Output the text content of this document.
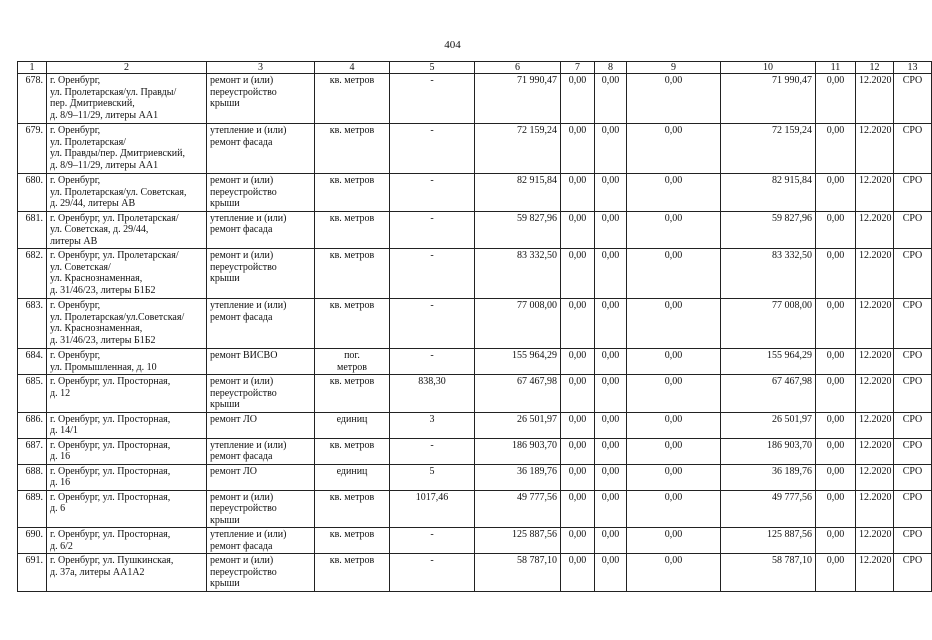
404
1	2	3	4	5	6	7	8	9	10	11	12	13
678.	г. Оренбург,
ул. Пролетарская/ул. Правды/
пер. Дмитриевский,
д. 8/9–11/29, литеры АА1	ремонт и (или)
переустройство
крыши	кв. метров	-	71 990,47	0,00	0,00	0,00	71 990,47	0,00	12.2020	СРО
679.	г. Оренбург,
ул. Пролетарская/
ул. Правды/пер. Дмитриевский,
д. 8/9–11/29, литеры АА1	утепление и (или)
ремонт фасада	кв. метров	-	72 159,24	0,00	0,00	0,00	72 159,24	0,00	12.2020	СРО
680.	г. Оренбург,
ул. Пролетарская/ул. Советская,
д. 29/44, литеры АВ	ремонт и (или)
переустройство
крыши	кв. метров	-	82 915,84	0,00	0,00	0,00	82 915,84	0,00	12.2020	СРО
681.	г. Оренбург, ул. Пролетарская/
ул. Советская, д. 29/44,
литеры АВ	утепление и (или)
ремонт фасада	кв. метров	-	59 827,96	0,00	0,00	0,00	59 827,96	0,00	12.2020	СРО
682.	г. Оренбург, ул. Пролетарская/
ул. Советская/
ул. Краснознаменная,
д. 31/46/23, литеры Б1Б2	ремонт и (или)
переустройство
крыши	кв. метров	-	83 332,50	0,00	0,00	0,00	83 332,50	0,00	12.2020	СРО
683.	г. Оренбург,
ул. Пролетарская/ул.Советская/
ул. Краснознаменная,
д. 31/46/23, литеры Б1Б2	утепление и (или)
ремонт фасада	кв. метров	-	77 008,00	0,00	0,00	0,00	77 008,00	0,00	12.2020	СРО
684.	г. Оренбург,
ул. Промышленная, д. 10	ремонт ВИСВО	пог.
метров	-	155 964,29	0,00	0,00	0,00	155 964,29	0,00	12.2020	СРО
685.	г. Оренбург, ул. Просторная,
д. 12	ремонт и (или)
переустройство
крыши	кв. метров	838,30	67 467,98	0,00	0,00	0,00	67 467,98	0,00	12.2020	СРО
686.	г. Оренбург, ул. Просторная,
д. 14/1	ремонт ЛО	единиц	3	26 501,97	0,00	0,00	0,00	26 501,97	0,00	12.2020	СРО
687.	г. Оренбург, ул. Просторная,
д. 16	утепление и (или)
ремонт фасада	кв. метров	-	186 903,70	0,00	0,00	0,00	186 903,70	0,00	12.2020	СРО
688.	г. Оренбург, ул. Просторная,
д. 16	ремонт ЛО	единиц	5	36 189,76	0,00	0,00	0,00	36 189,76	0,00	12.2020	СРО
689.	г. Оренбург, ул. Просторная,
д. 6	ремонт и (или)
переустройство
крыши	кв. метров	1017,46	49 777,56	0,00	0,00	0,00	49 777,56	0,00	12.2020	СРО
690.	г. Оренбург, ул. Просторная,
д. 6/2	утепление и (или)
ремонт фасада	кв. метров	-	125 887,56	0,00	0,00	0,00	125 887,56	0,00	12.2020	СРО
691.	г. Оренбург, ул. Пушкинская,
д. 37а, литеры АА1А2	ремонт и (или)
переустройство
крыши	кв. метров	-	58 787,10	0,00	0,00	0,00	58 787,10	0,00	12.2020	СРО
